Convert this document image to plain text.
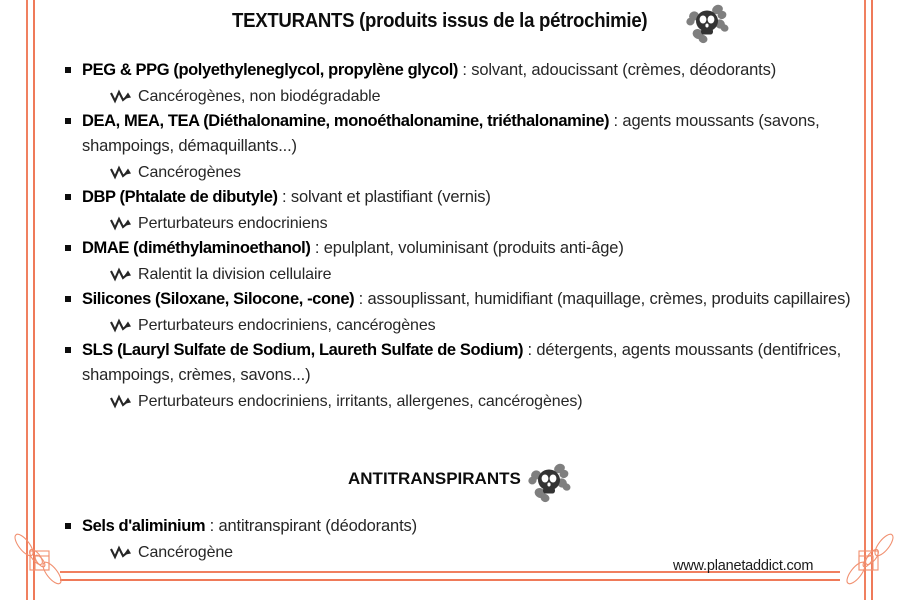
TEXTURANTS (produits issus de la pétrochimie)
PEG & PPG (polyethyleneglycol, propylène glycol) : solvant, adoucissant (crèmes, déodorants)
Cancérogènes, non biodégradable
DEA, MEA, TEA (Diéthalonamine, monoéthalonamine, triéthalonamine) : agents moussants (savons, shampoings, démaquillants...)
Cancérogènes
DBP (Phtalate de dibutyle) : solvant et plastifiant (vernis)
Perturbateurs endocriniens
DMAE (diméthylaminoethanol) : epulplant, voluminisant (produits anti-âge)
Ralentit la division cellulaire
Silicones (Siloxane, Silocone, -cone) : assouplissant, humidifiant (maquillage, crèmes, produits capillaires)
Perturbateurs endocriniens, cancérogènes
SLS (Lauryl Sulfate de Sodium, Laureth Sulfate de Sodium) : détergents, agents moussants (dentifrices, shampoings, crèmes, savons...)
Perturbateurs endocriniens, irritants, allergenes, cancérogènes)
ANTITRANSPIRANTS
Sels d'aliminium : antitranspirant (déodorants)
Cancérogène
www.planetaddict.com
